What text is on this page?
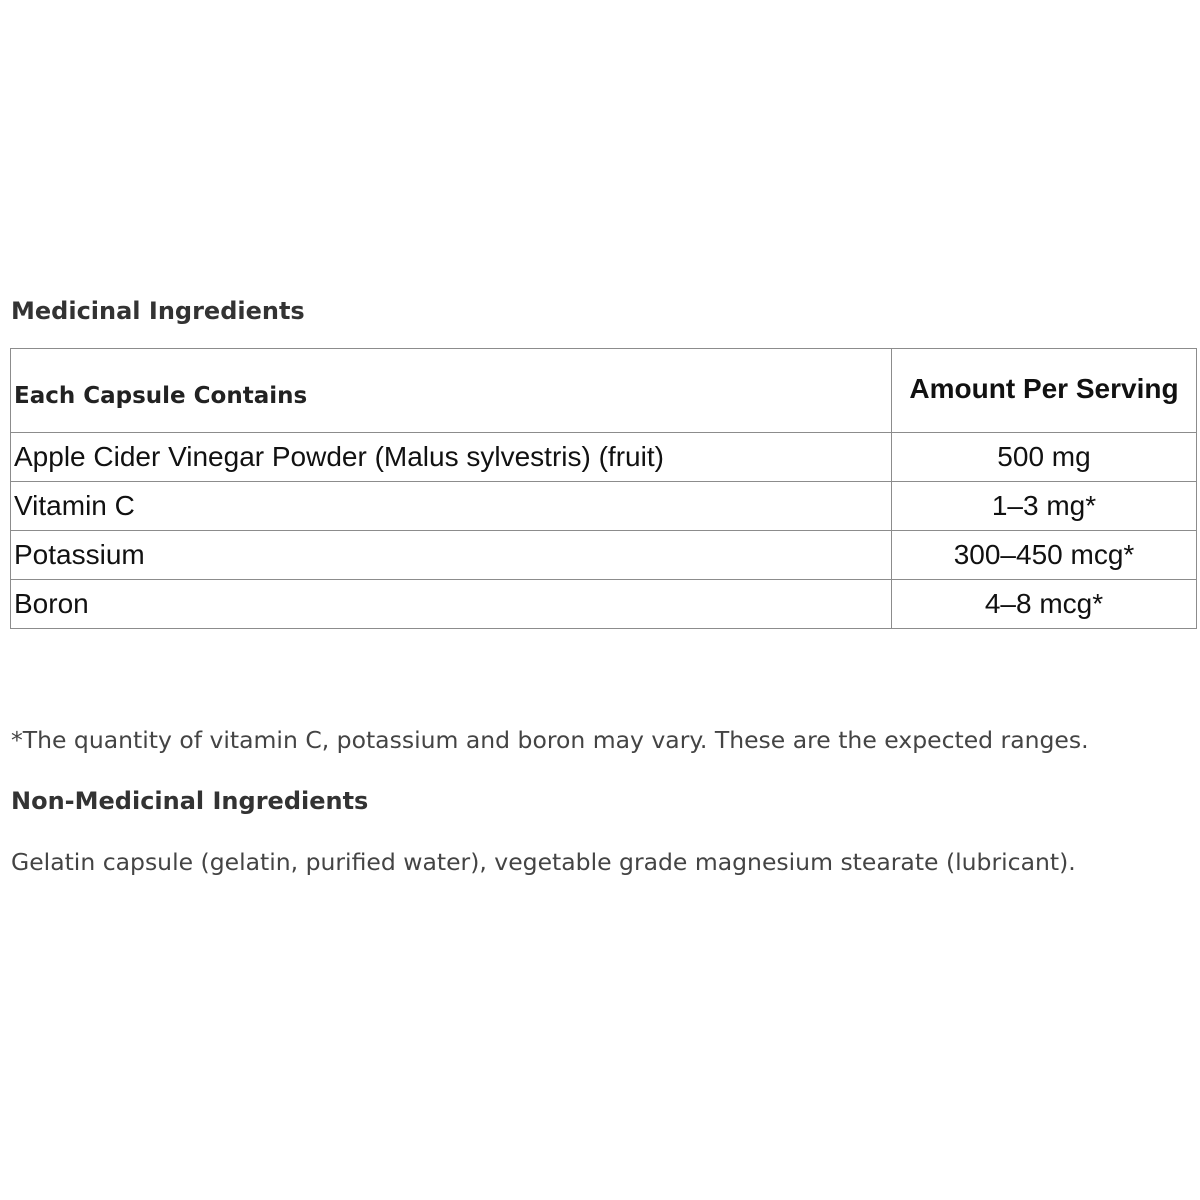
Medicinal Ingredients
Each Capsule Contains	Amount Per Serving
Apple Cider Vinegar Powder (Malus sylvestris) (fruit)	500 mg
Vitamin C	1–3 mg*
Potassium	300–450 mcg*
Boron	4–8 mcg*

*The quantity of vitamin C, potassium and boron may vary. These are the expected ranges.

Non-Medicinal Ingredients

Gelatin capsule (gelatin, purified water), vegetable grade magnesium stearate (lubricant).
